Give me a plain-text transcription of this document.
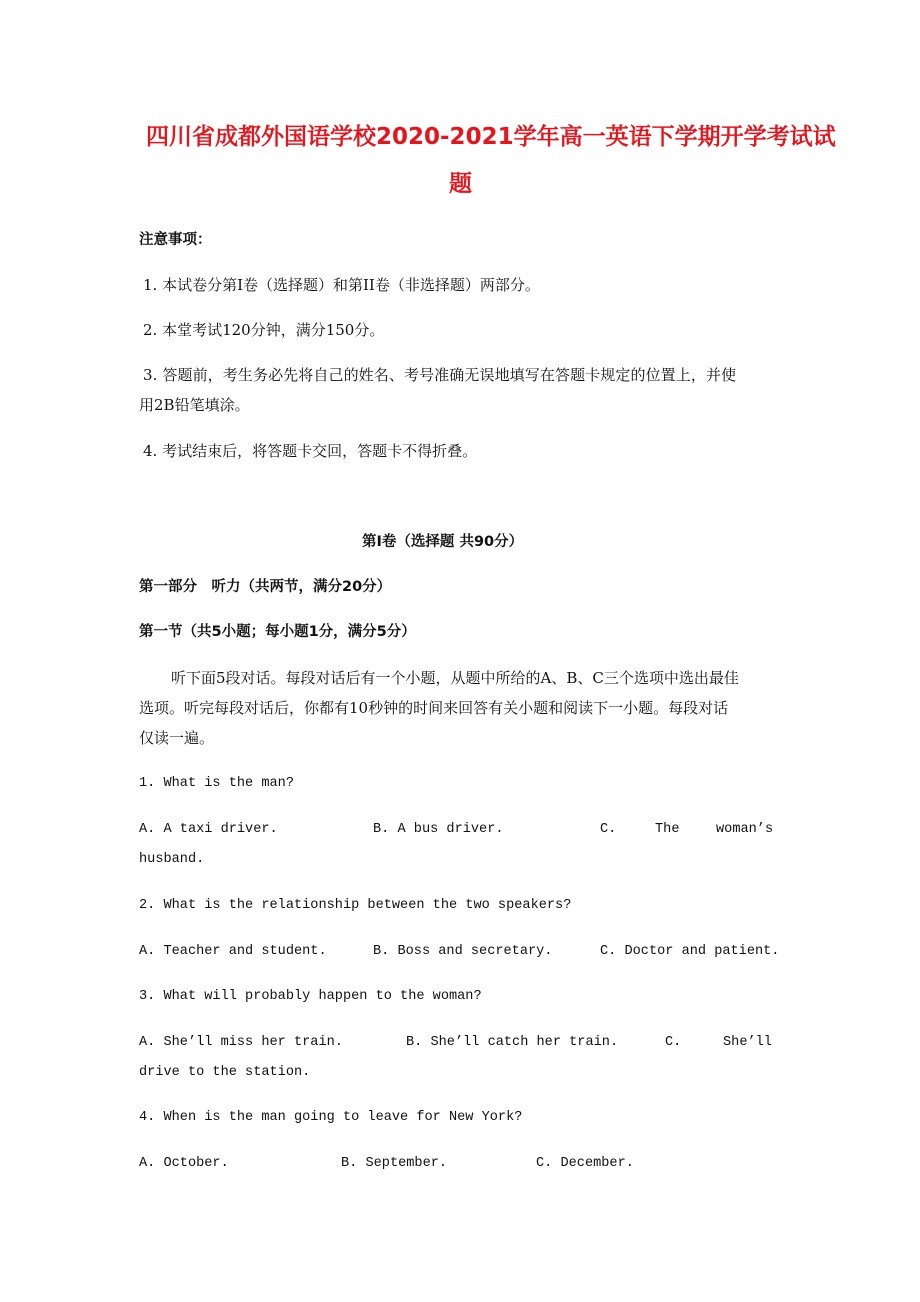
四川省成都外国语学校2020-2021学年高一英语下学期开学考试试
题
注意事项：
1. 本试卷分第Ⅰ卷（选择题）和第II卷（非选择题）两部分。
2. 本堂考试120分钟，满分150分。
3. 答题前，考生务必先将自己的姓名、考号准确无误地填写在答题卡规定的位置上，并使
用2B铅笔填涂。
4. 考试结束后，将答题卡交回，答题卡不得折叠。
第Ⅰ卷（选择题 共90分）
第一部分　听力（共两节，满分20分）
第一节（共5小题；每小题1分，满分5分）
听下面5段对话。每段对话后有一个小题，从题中所给的A、B、C三个选项中选出最佳
选项。听完每段对话后，你都有10秒钟的时间来回答有关小题和阅读下一小题。每段对话
仅读一遍。
1. What is the man?
A. A taxi driver.	B. A bus driver.	C.	The	woman’s
husband.
2. What is the relationship between the two speakers?
A. Teacher and student.	B. Boss and secretary.	C. Doctor and patient.
3. What will probably happen to the woman?
A. She’ll miss her train.	B. She’ll catch her train.	C.	She’ll
drive to the station.
4. When is the man going to leave for New York?
A. October.	B. September.	C. December.
